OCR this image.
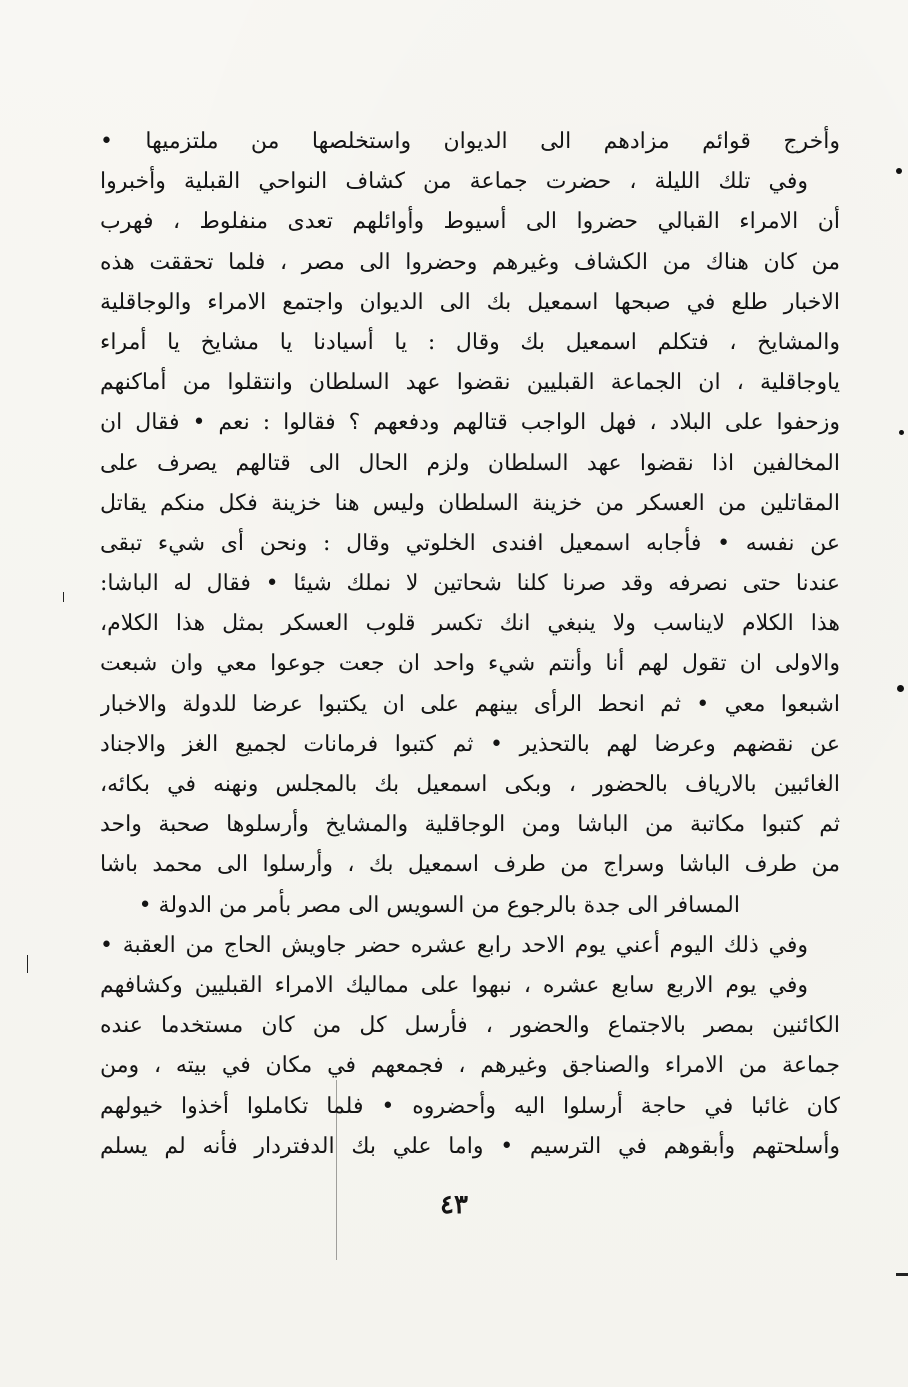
وأخرج قوائم مزادهم الى الديوان واستخلصها من ملتزميها •
وفي تلك الليلة ، حضرت جماعة من كشاف النواحي القبلية وأخبروا
أن الامراء القبالي حضروا الى أسيوط وأوائلهم تعدى منفلوط ، فهرب
من كان هناك من الكشاف وغيرهم وحضروا الى مصر ، فلما تحققت هذه
الاخبار طلع في صبحها اسمعيل بك الى الديوان واجتمع الامراء والوجاقلية
والمشايخ ، فتكلم اسمعيل بك وقال : يا أسيادنا يا مشايخ يا أمراء
ياوجاقلية ، ان الجماعة القبليين نقضوا عهد السلطان وانتقلوا من أماكنهم
وزحفوا على البلاد ، فهل الواجب قتالهم ودفعهم ؟ فقالوا : نعم • فقال ان
المخالفين اذا نقضوا عهد السلطان ولزم الحال الى قتالهم يصرف على
المقاتلين من العسكر من خزينة السلطان وليس هنا خزينة فكل منكم يقاتل
عن نفسه • فأجابه اسمعيل افندى الخلوتي وقال : ونحن أى شيء تبقى
عندنا حتى نصرفه وقد صرنا كلنا شحاتين لا نملك شيئا • فقال له الباشا:
هذا الكلام لايناسب ولا ينبغي انك تكسر قلوب العسكر بمثل هذا الكلام،
والاولى ان تقول لهم أنا وأنتم شيء واحد ان جعت جوعوا معي وان شبعت
اشبعوا معي • ثم انحط الرأى بينهم على ان يكتبوا عرضا للدولة والاخبار
عن نقضهم وعرضا لهم بالتحذير • ثم كتبوا فرمانات لجميع الغز والاجناد
الغائبين بالارياف بالحضور ، وبكى اسمعيل بك بالمجلس ونهنه في بكائه،
ثم كتبوا مكاتبة من الباشا ومن الوجاقلية والمشايخ وأرسلوها صحبة واحد
من طرف الباشا وسراج من طرف اسمعيل بك ، وأرسلوا الى محمد باشا
المسافر الى جدة بالرجوع من السويس الى مصر بأمر من الدولة •
وفي ذلك اليوم أعني يوم الاحد رابع عشره حضر جاويش الحاج من العقبة •
وفي يوم الاربع سابع عشره ، نبهوا على مماليك الامراء القبليين وكشافهم
الكائنين بمصر بالاجتماع والحضور ، فأرسل كل من كان مستخدما عنده
جماعة من الامراء والصناجق وغيرهم ، فجمعهم في مكان في بيته ، ومن
كان غائبا في حاجة أرسلوا اليه وأحضروه • فلما تكاملوا أخذوا خيولهم
وأسلحتهم وأبقوهم في الترسيم • واما علي بك الدفتردار فأنه لم يسلم
٤٣
